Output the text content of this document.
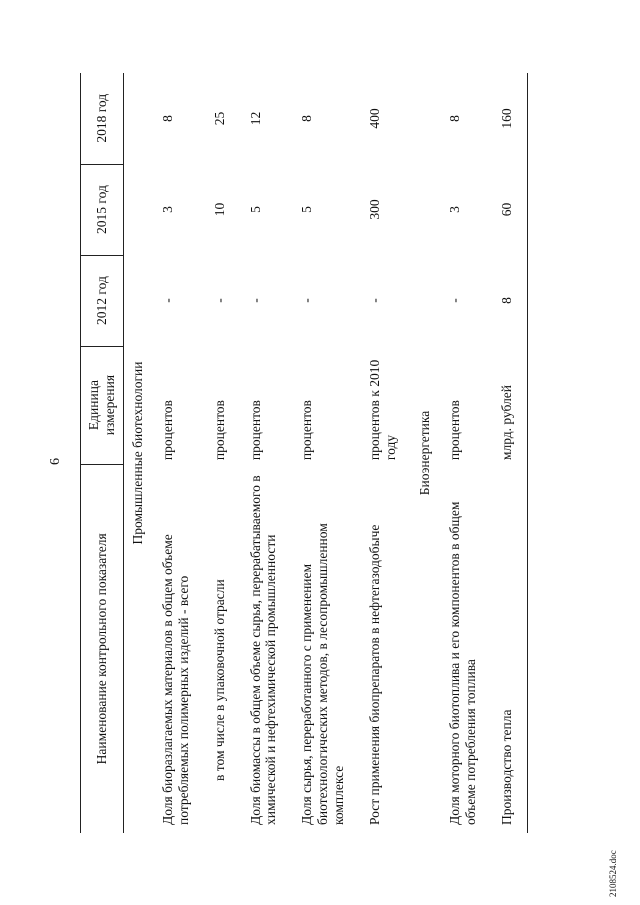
6
Наименование контрольного показателя	Единица измерения	2012 год	2015 год	2018 год
Промышленные биотехнологии				
Доля биоразлагаемых материалов в общем объеме потребляемых полимерных изделий - всего	процентов	-	3	8
в том числе в упаковочной отрасли	процентов	-	10	25
Доля биомассы в общем объеме сырья, перерабатываемого в химической и нефтехимической промышленности	процентов	-	5	12
Доля сырья, переработанного с применением биотехнологических методов, в лесопромышленном комплексе	процентов	-	5	8
Рост применения биопрепаратов в нефтегазодобыче	процентов к 2010 году	-	300	400
Биоэнергетика				
Доля моторного биотоплива и его компонентов в общем объеме потребления топлива	процентов	-	3	8
Производство тепла	млрд. рублей	8	60	160
2108524.doc
